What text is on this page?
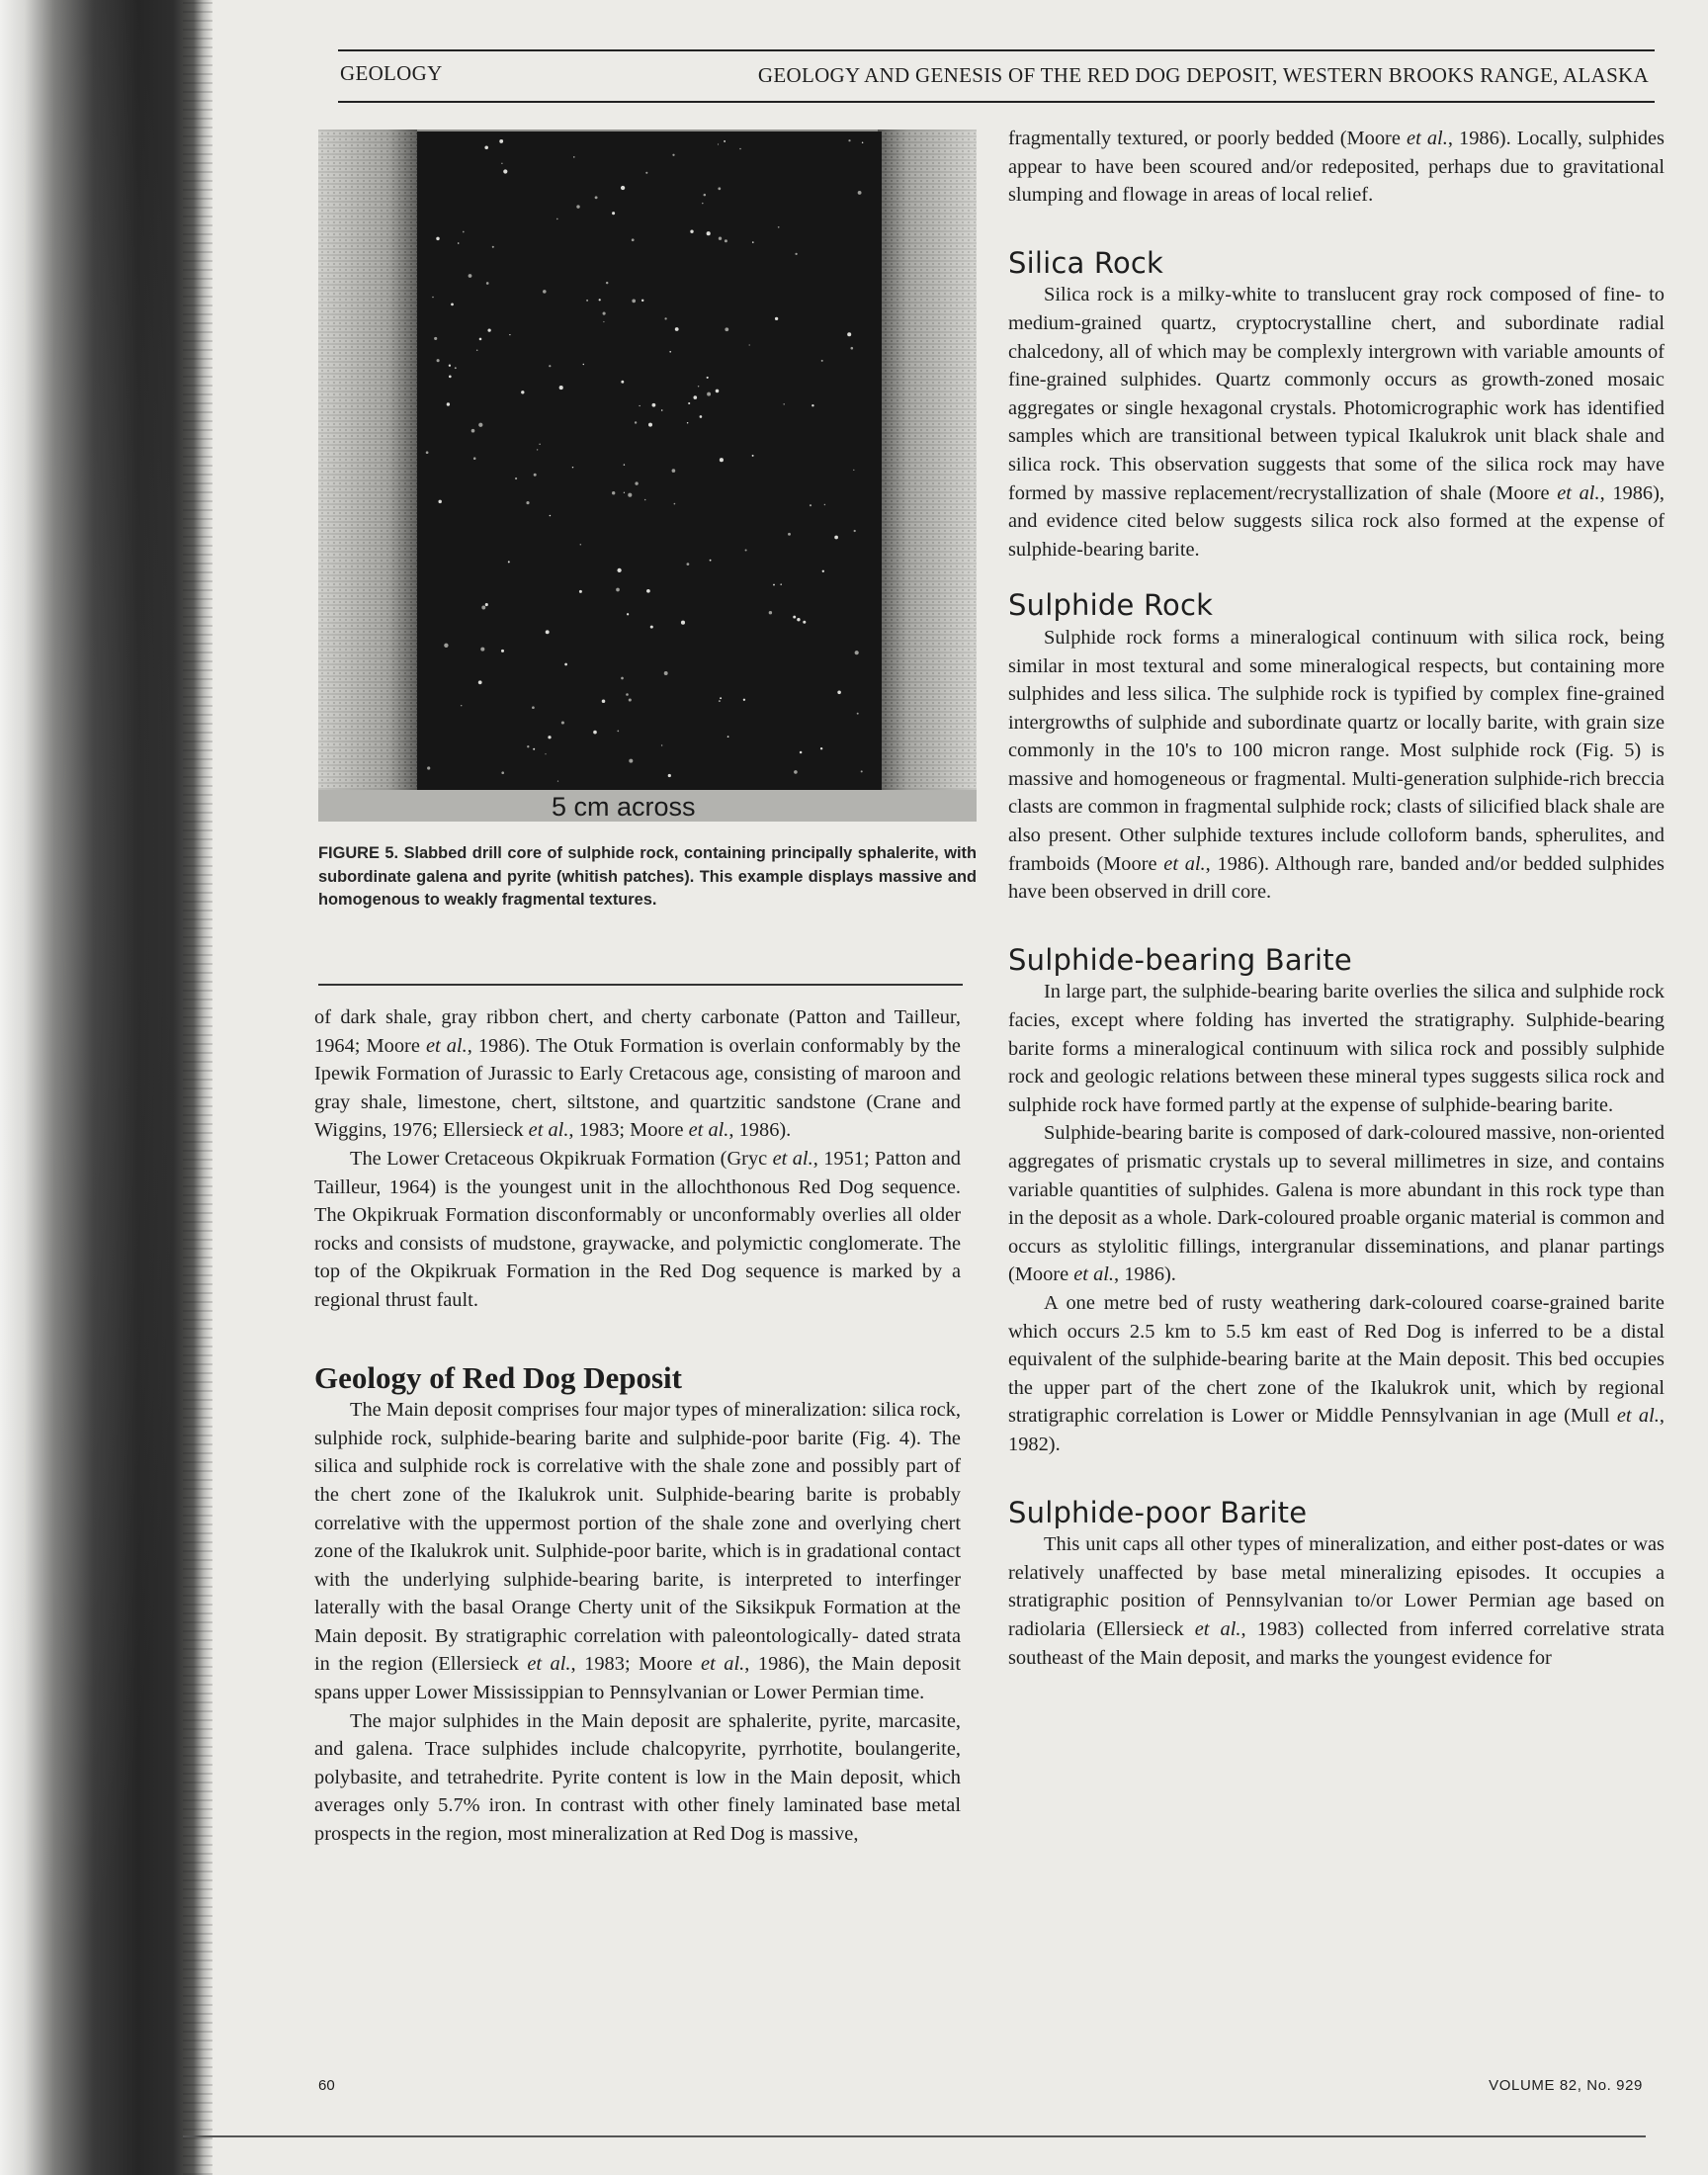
GEOLOGY	GEOLOGY AND GENESIS OF THE RED DOG DEPOSIT, WESTERN BROOKS RANGE, ALASKA
5 cm across
FIGURE 5. Slabbed drill core of sulphide rock, containing principally sphalerite, with subordinate galena and pyrite (whitish patches). This example displays massive and homogenous to weakly fragmental textures.

of dark shale, gray ribbon chert, and cherty carbonate (Patton and Tailleur, 1964; Moore et al., 1986). The Otuk Formation is overlain conformably by the Ipewik Formation of Jurassic to Early Cretacous age, consisting of maroon and gray shale, limestone, chert, siltstone, and quartzitic sandstone (Crane and Wiggins, 1976; Ellersieck et al., 1983; Moore et al., 1986).

The Lower Cretaceous Okpikruak Formation (Gryc et al., 1951; Patton and Tailleur, 1964) is the youngest unit in the allochthonous Red Dog sequence. The Okpikruak Formation disconformably or unconformably overlies all older rocks and consists of mudstone, graywacke, and polymictic conglomerate. The top of the Okpikruak Formation in the Red Dog sequence is marked by a regional thrust fault.

Geology of Red Dog Deposit

The Main deposit comprises four major types of mineralization: silica rock, sulphide rock, sulphide-bearing barite and sulphide-poor barite (Fig. 4). The silica and sulphide rock is correlative with the shale zone and possibly part of the chert zone of the Ikalukrok unit. Sulphide-bearing barite is probably correlative with the uppermost portion of the shale zone and overlying chert zone of the Ikalukrok unit. Sulphide-poor barite, which is in gradational contact with the underlying sulphide-bearing barite, is interpreted to interfinger laterally with the basal Orange Cherty unit of the Siksikpuk Formation at the Main deposit. By stratigraphic correlation with paleontologically- dated strata in the region (Ellersieck et al., 1983; Moore et al., 1986), the Main deposit spans upper Lower Mississippian to Pennsylvanian or Lower Permian time.

The major sulphides in the Main deposit are sphalerite, pyrite, marcasite, and galena. Trace sulphides include chalcopyrite, pyrrhotite, boulangerite, polybasite, and tetrahedrite. Pyrite content is low in the Main deposit, which averages only 5.7% iron. In contrast with other finely laminated base metal prospects in the region, most mineralization at Red Dog is massive,

fragmentally textured, or poorly bedded (Moore et al., 1986). Locally, sulphides appear to have been scoured and/or redeposited, perhaps due to gravitational slumping and flowage in areas of local relief.

Silica Rock

Silica rock is a milky-white to translucent gray rock composed of fine- to medium-grained quartz, cryptocrystalline chert, and subordinate radial chalcedony, all of which may be complexly intergrown with variable amounts of fine-grained sulphides. Quartz commonly occurs as growth-zoned mosaic aggregates or single hexagonal crystals. Photomicrographic work has identified samples which are transitional between typical Ikalukrok unit black shale and silica rock. This observation suggests that some of the silica rock may have formed by massive replacement/recrystallization of shale (Moore et al., 1986), and evidence cited below suggests silica rock also formed at the expense of sulphide-bearing barite.

Sulphide Rock

Sulphide rock forms a mineralogical continuum with silica rock, being similar in most textural and some mineralogical respects, but containing more sulphides and less silica. The sulphide rock is typified by complex fine-grained intergrowths of sulphide and subordinate quartz or locally barite, with grain size commonly in the 10's to 100 micron range. Most sulphide rock (Fig. 5) is massive and homogeneous or fragmental. Multi-generation sulphide-rich breccia clasts are common in fragmental sulphide rock; clasts of silicified black shale are also present. Other sulphide textures include colloform bands, spherulites, and framboids (Moore et al., 1986). Although rare, banded and/or bedded sulphides have been observed in drill core.

Sulphide-bearing Barite

In large part, the sulphide-bearing barite overlies the silica and sulphide rock facies, except where folding has inverted the stratigraphy. Sulphide-bearing barite forms a mineralogical continuum with silica rock and possibly sulphide rock and geologic relations between these mineral types suggests silica rock and sulphide rock have formed partly at the expense of sulphide-bearing barite.

Sulphide-bearing barite is composed of dark-coloured massive, non-oriented aggregates of prismatic crystals up to several millimetres in size, and contains variable quantities of sulphides. Galena is more abundant in this rock type than in the deposit as a whole. Dark-coloured proable organic material is common and occurs as stylolitic fillings, intergranular disseminations, and planar partings (Moore et al., 1986).

A one metre bed of rusty weathering dark-coloured coarse-grained barite which occurs 2.5 km to 5.5 km east of Red Dog is inferred to be a distal equivalent of the sulphide-bearing barite at the Main deposit. This bed occupies the upper part of the chert zone of the Ikalukrok unit, which by regional stratigraphic correlation is Lower or Middle Pennsylvanian in age (Mull et al., 1982).

Sulphide-poor Barite

This unit caps all other types of mineralization, and either post-dates or was relatively unaffected by base metal mineralizing episodes. It occupies a stratigraphic position of Pennsylvanian to/or Lower Permian age based on radiolaria (Ellersieck et al., 1983) collected from inferred correlative strata southeast of the Main deposit, and marks the youngest evidence for

60	VOLUME 82, No. 929
